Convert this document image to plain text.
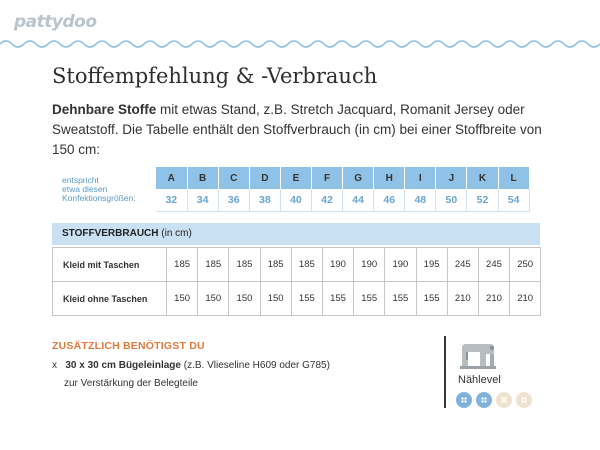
pattydoo
Stoffempfehlung & -Verbrauch
Dehnbare Stoffe mit etwas Stand, z.B. Stretch Jacquard, Romanit Jersey oder Sweatstoff. Die Tabelle enthält den Stoffverbrauch (in cm) bei einer Stoffbreite von 150 cm:
entspricht
etwa diesen
Konfektionsgrößen:	A	B	C	D	E	F	G	H	I	J	K	L
	32	34	36	38	40	42	44	46	48	50	52	54
STOFFVERBRAUCH (in cm)
Kleid mit Taschen	185	185	185	185	185	190	190	190	195	245	245	250
Kleid ohne Taschen	150	150	150	150	155	155	155	155	155	210	210	210
ZUSÄTZLICH BENÖTIGST DU
x 30 x 30 cm Bügeleinlage (z.B. Vlieseline H609 oder G785)
zur Verstärkung der Belegteile	Nählevel
